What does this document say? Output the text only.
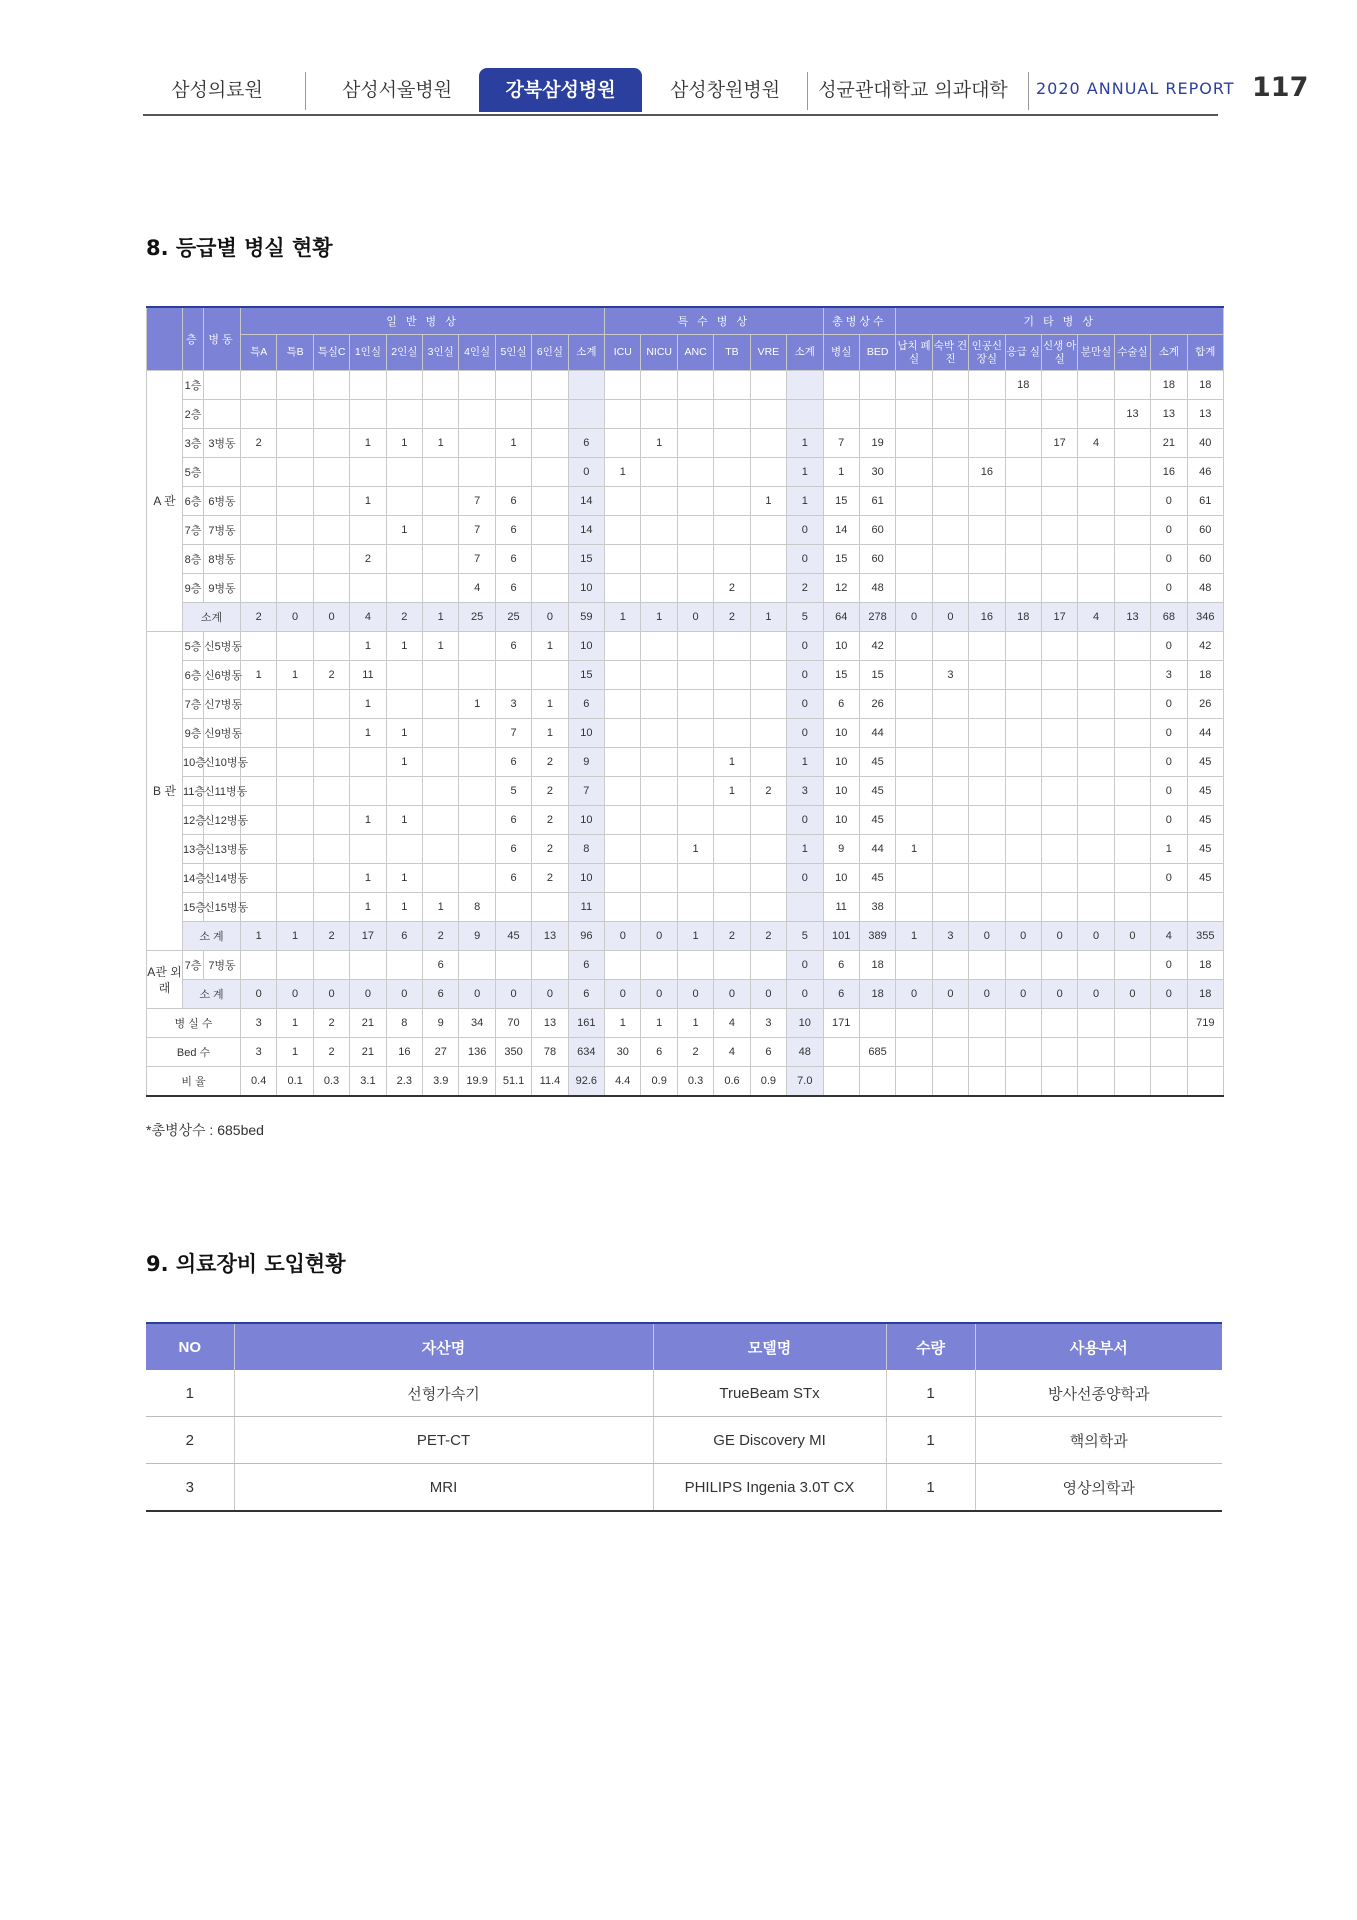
삼성의료원	삼성서울병원	강북삼성병원	삼성창원병원	성균관대학교 의과대학 2020 ANNUAL REPORT 117
8. 등급별 병실 현황
	층	병동	일 반 병 상										특 수 병 상						총병상수		기 타 병 상								
			특A	특B	특실C	1인실	2인실	3인실	4인실	5인실	6인실	소계	ICU	NICU	ANC	TB	VRE	소계	병실	BED	납치 폐실	숙박 건진	인공신 장실	응급 실	신생 아실	분만실	수술실	소계	합계
A 관	1층																							18				18	18
	2층																										13	13	13
	3층	3병동	2			1	1	1		1		6		1				1	7	19					17	4		21	40
	5층											0	1					1	1	30			16					16	46
	6층	6병동				1			7	6		14					1	1	15	61								0	61
	7층	7병동					1		7	6		14						0	14	60								0	60
	8층	8병동				2			7	6		15						0	15	60								0	60
	9층	9병동							4	6		10				2		2	12	48								0	48
	소계		2	0	0	4	2	1	25	25	0	59	1	1	0	2	1	5	64	278	0	0	16	18	17	4	13	68	346
B 관	5층	신5병동				1	1	1		6	1	10						0	10	42								0	42
	6층	신6병동	1	1	2	11						15						0	15	15		3						3	18
	7층	신7병동				1			1	3	1	6						0	6	26								0	26
	9층	신9병동				1	1			7	1	10						0	10	44								0	44
	10층	신10병동					1			6	2	9				1		1	10	45								0	45
	11층	신11병동								5	2	7				1	2	3	10	45								0	45
	12층	신12병동				1	1			6	2	10						0	10	45								0	45
	13층	신13병동								6	2	8			1			1	9	44	1							1	45
	14층	신14병동				1	1			6	2	10						0	10	45								0	45
	15층	신15병동				1	1	1	8			11							11	38									
	소 계		1	1	2	17	6	2	9	45	13	96	0	0	1	2	2	5	101	389	1	3	0	0	0	0	0	4	355
A관 외래	7층	7병동						6				6						0	6	18								0	18
	소 계		0	0	0	0	0	6	0	0	0	6	0	0	0	0	0	0	6	18	0	0	0	0	0	0	0	0	18
병 실 수			3	1	2	21	8	9	34	70	13	161	1	1	1	4	3	10	171										719
Bed 수			3	1	2	21	16	27	136	350	78	634	30	6	2	4	6	48		685									
비 율			0.4	0.1	0.3	3.1	2.3	3.9	19.9	51.1	11.4	92.6	4.4	0.9	0.3	0.6	0.9	7.0											
*총병상수 : 685bed
9. 의료장비 도입현황
NO	자산명	모델명	수량	사용부서
1	선형가속기	TrueBeam STx	1	방사선종양학과
2	PET-CT	GE Discovery MI	1	핵의학과
3	MRI	PHILIPS Ingenia 3.0T CX	1	영상의학과
